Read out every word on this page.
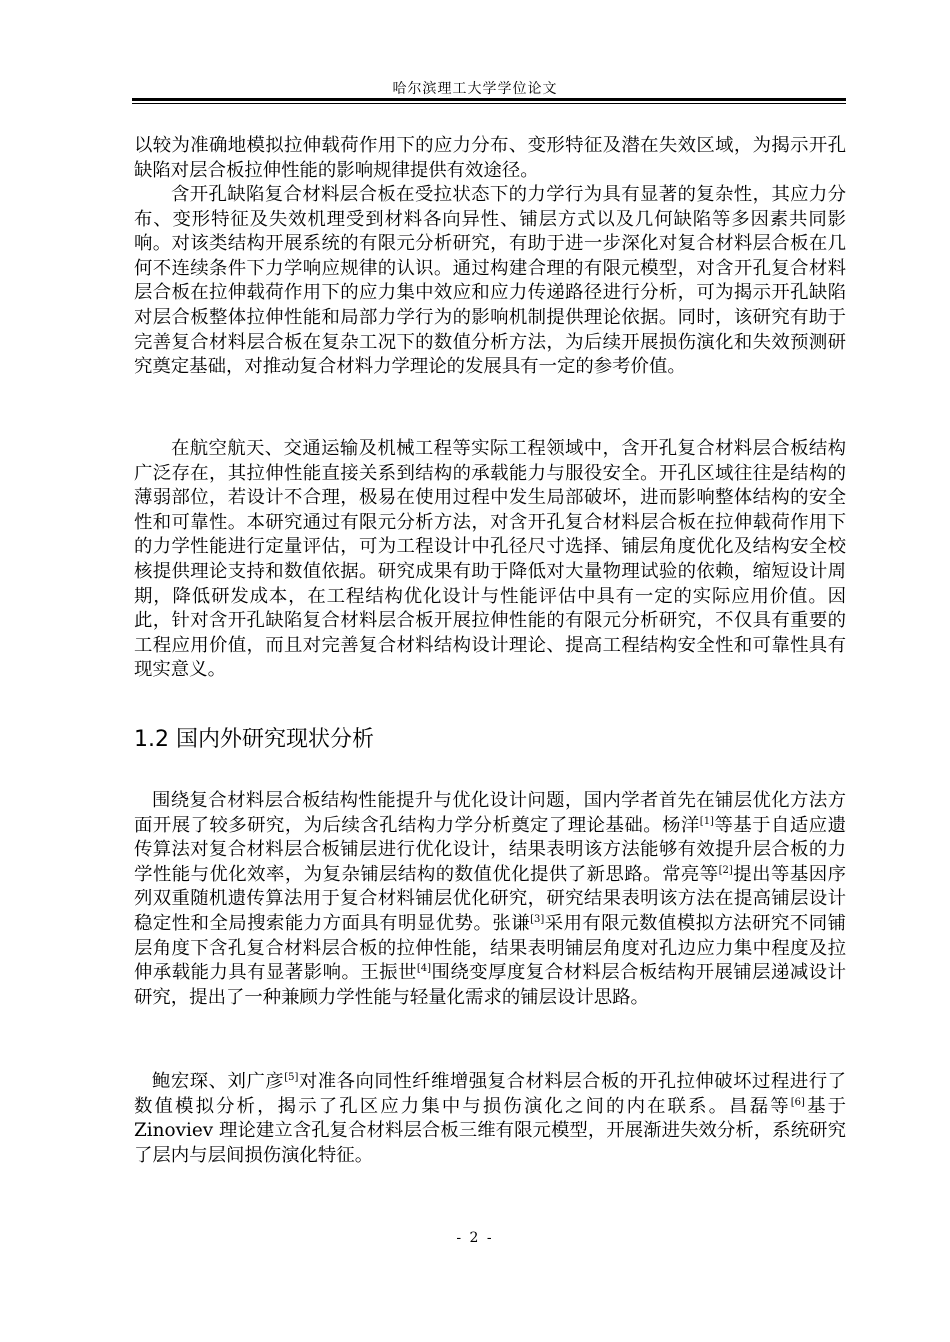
哈尔滨理工大学学位论文

以较为准确地模拟拉伸载荷作用下的应力分布、变形特征及潜在失效区域，为揭示开孔缺陷对层合板拉伸性能的影响规律提供有效途径。

含开孔缺陷复合材料层合板在受拉状态下的力学行为具有显著的复杂性，其应力分布、变形特征及失效机理受到材料各向异性、铺层方式以及几何缺陷等多因素共同影响。对该类结构开展系统的有限元分析研究，有助于进一步深化对复合材料层合板在几何不连续条件下力学响应规律的认识。通过构建合理的有限元模型，对含开孔复合材料层合板在拉伸载荷作用下的应力集中效应和应力传递路径进行分析，可为揭示开孔缺陷对层合板整体拉伸性能和局部力学行为的影响机制提供理论依据。同时，该研究有助于完善复合材料层合板在复杂工况下的数值分析方法，为后续开展损伤演化和失效预测研究奠定基础，对推动复合材料力学理论的发展具有一定的参考价值。

在航空航天、交通运输及机械工程等实际工程领域中，含开孔复合材料层合板结构广泛存在，其拉伸性能直接关系到结构的承载能力与服役安全。开孔区域往往是结构的薄弱部位，若设计不合理，极易在使用过程中发生局部破坏，进而影响整体结构的安全性和可靠性。本研究通过有限元分析方法，对含开孔复合材料层合板在拉伸载荷作用下的力学性能进行定量评估，可为工程设计中孔径尺寸选择、铺层角度优化及结构安全校核提供理论支持和数值依据。研究成果有助于降低对大量物理试验的依赖，缩短设计周期，降低研发成本，在工程结构优化设计与性能评估中具有一定的实际应用价值。因此，针对含开孔缺陷复合材料层合板开展拉伸性能的有限元分析研究，不仅具有重要的工程应用价值，而且对完善复合材料结构设计理论、提高工程结构安全性和可靠性具有现实意义。

1.2 国内外研究现状分析

围绕复合材料层合板结构性能提升与优化设计问题，国内学者首先在铺层优化方法方面开展了较多研究，为后续含孔结构力学分析奠定了理论基础。杨洋[1]等基于自适应遗传算法对复合材料层合板铺层进行优化设计，结果表明该方法能够有效提升层合板的力学性能与优化效率，为复杂铺层结构的数值优化提供了新思路。常亮等[2]提出等基因序列双重随机遗传算法用于复合材料铺层优化研究，研究结果表明该方法在提高铺层设计稳定性和全局搜索能力方面具有明显优势。张谦[3]采用有限元数值模拟方法研究不同铺层角度下含孔复合材料层合板的拉伸性能，结果表明铺层角度对孔边应力集中程度及拉伸承载能力具有显著影响。王振世[4]围绕变厚度复合材料层合板结构开展铺层递减设计研究，提出了一种兼顾力学性能与轻量化需求的铺层设计思路。

鲍宏琛、刘广彦[5]对准各向同性纤维增强复合材料层合板的开孔拉伸破坏过程进行了数值模拟分析，揭示了孔区应力集中与损伤演化之间的内在联系。昌磊等[6]基于 Zinoviev 理论建立含孔复合材料层合板三维有限元模型，开展渐进失效分析，系统研究了层内与层间损伤演化特征。

- 2 -
